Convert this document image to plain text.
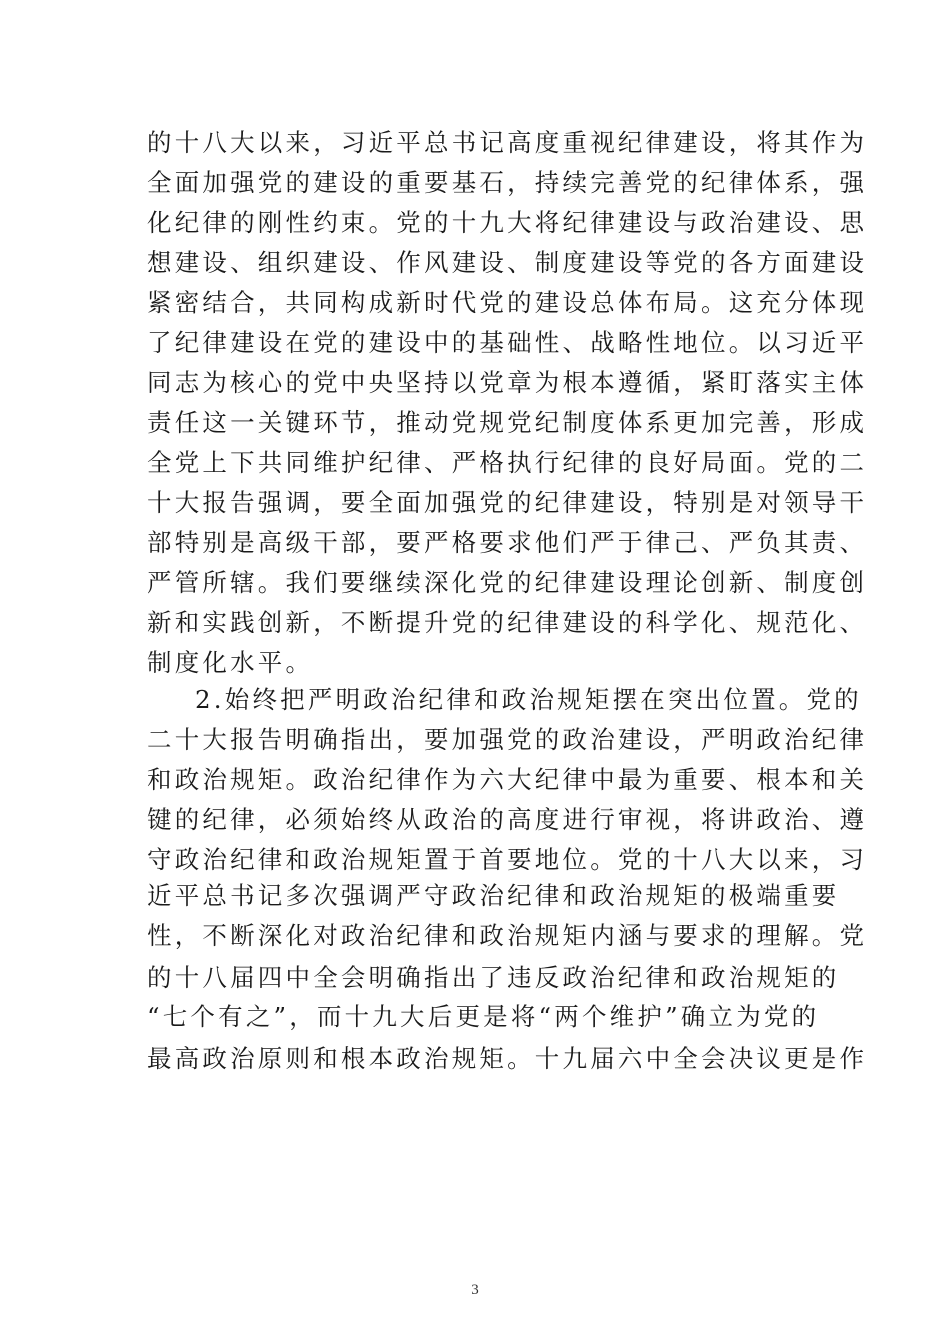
的十八大以来，习近平总书记高度重视纪律建设，将其作为
全面加强党的建设的重要基石，持续完善党的纪律体系，强
化纪律的刚性约束。党的十九大将纪律建设与政治建设、思
想建设、组织建设、作风建设、制度建设等党的各方面建设
紧密结合，共同构成新时代党的建设总体布局。这充分体现
了纪律建设在党的建设中的基础性、战略性地位。以习近平
同志为核心的党中央坚持以党章为根本遵循，紧盯落实主体
责任这一关键环节，推动党规党纪制度体系更加完善，形成
全党上下共同维护纪律、严格执行纪律的良好局面。党的二
十大报告强调，要全面加强党的纪律建设，特别是对领导干
部特别是高级干部，要严格要求他们严于律己、严负其责、
严管所辖。我们要继续深化党的纪律建设理论创新、制度创
新和实践创新，不断提升党的纪律建设的科学化、规范化、
制度化水平。
2.始终把严明政治纪律和政治规矩摆在突出位置。党的
二十大报告明确指出，要加强党的政治建设，严明政治纪律
和政治规矩。政治纪律作为六大纪律中最为重要、根本和关
键的纪律，必须始终从政治的高度进行审视，将讲政治、遵
守政治纪律和政治规矩置于首要地位。党的十八大以来，习
近平总书记多次强调严守政治纪律和政治规矩的极端重要
性，不断深化对政治纪律和政治规矩内涵与要求的理解。党
的十八届四中全会明确指出了违反政治纪律和政治规矩的
“七个有之”，而十九大后更是将“两个维护”确立为党的
最高政治原则和根本政治规矩。十九届六中全会决议更是作
3
